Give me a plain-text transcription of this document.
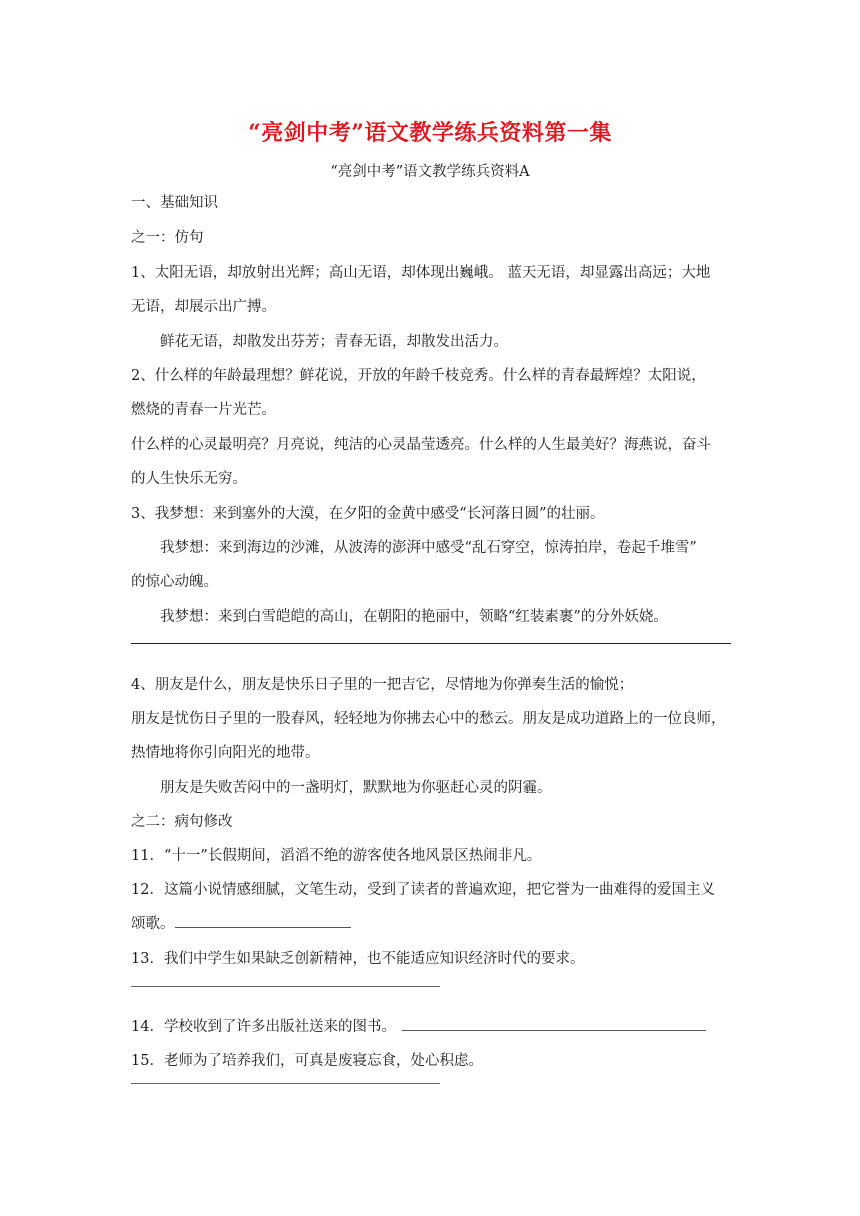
“亮剑中考”语文教学练兵资料第一集
“亮剑中考”语文教学练兵资料A
一、基础知识
之一：仿句
1、太阳无语，却放射出光辉；高山无语，却体现出巍峨。 蓝天无语，却显露出高远；大地
无语，却展示出广搏。
鲜花无语，却散发出芬芳；青春无语，却散发出活力。
2、什么样的年龄最理想？鲜花说，开放的年龄千枝竞秀。什么样的青春最辉煌？太阳说，
燃烧的青春一片光芒。
什么样的心灵最明亮？月亮说，纯洁的心灵晶莹透亮。什么样的人生最美好？海燕说，奋斗
的人生快乐无穷。
3、我梦想：来到塞外的大漠，在夕阳的金黄中感受“长河落日圆”的壮丽。
我梦想：来到海边的沙滩，从波涛的澎湃中感受“乱石穿空，惊涛拍岸，卷起千堆雪”
的惊心动魄。
我梦想：来到白雪皑皑的高山，在朝阳的艳丽中，领略“红装素裹”的分外妖娆。
4、朋友是什么，朋友是快乐日子里的一把吉它，尽情地为你弹奏生活的愉悦；
朋友是忧伤日子里的一股春风，轻轻地为你拂去心中的愁云。朋友是成功道路上的一位良师，
热情地将你引向阳光的地带。
朋友是失败苦闷中的一盏明灯，默默地为你驱赶心灵的阴霾。
之二：病句修改
11．“十一”长假期间，滔滔不绝的游客使各地风景区热闹非凡。
12．这篇小说情感细腻，文笔生动，受到了读者的普遍欢迎，把它誉为一曲难得的爱国主义
颂歌。
13．我们中学生如果缺乏创新精神，也不能适应知识经济时代的要求。
14．学校收到了许多出版社送来的图书。
15．老师为了培养我们，可真是废寝忘食，处心积虑。
